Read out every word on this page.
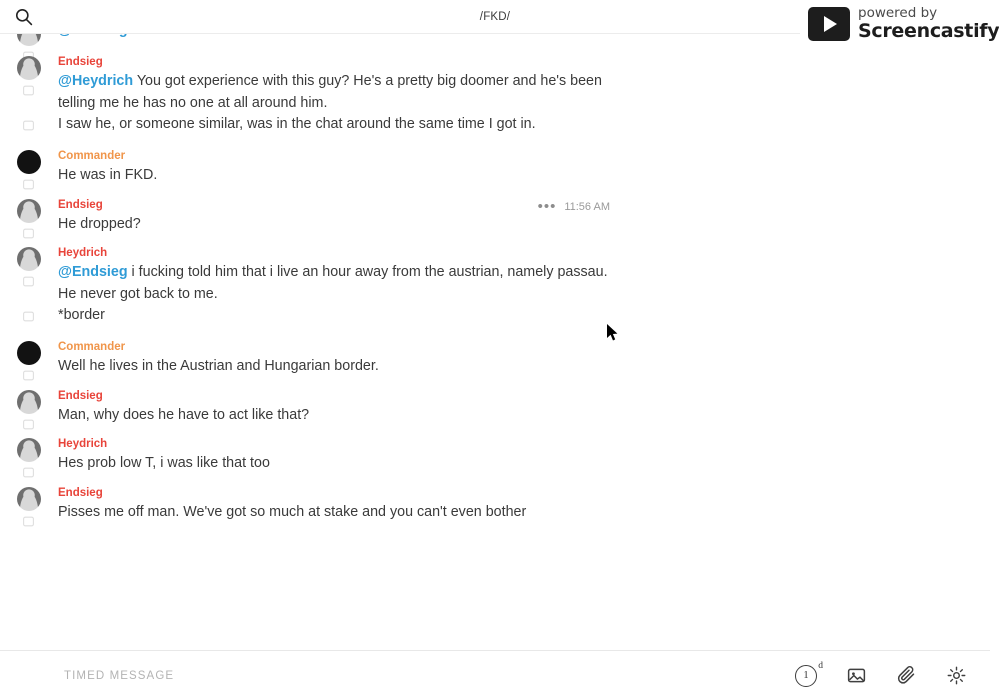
/FKD/	powered by
Screencastify
Endsieg
@Heydrich You got experience with this guy? He's a pretty big doomer and he's been telling me he has no one at all around him.
I saw he, or someone similar, was in the chat around the same time I got in.
Commander
He was in FKD.
Endsieg
He dropped?
••• 11:56 AM
Heydrich
@Endsieg i fucking told him that i live an hour away from the austrian, namely passau. He never got back to me.
*border
Commander
Well he lives in the Austrian and Hungarian border.
Endsieg
Man, why does he have to act like that?
Heydrich
Hes prob low T, i was like that too
Endsieg
Pisses me off man. We've got so much at stake and you can't even bother
TIMED MESSAGE
1
d
